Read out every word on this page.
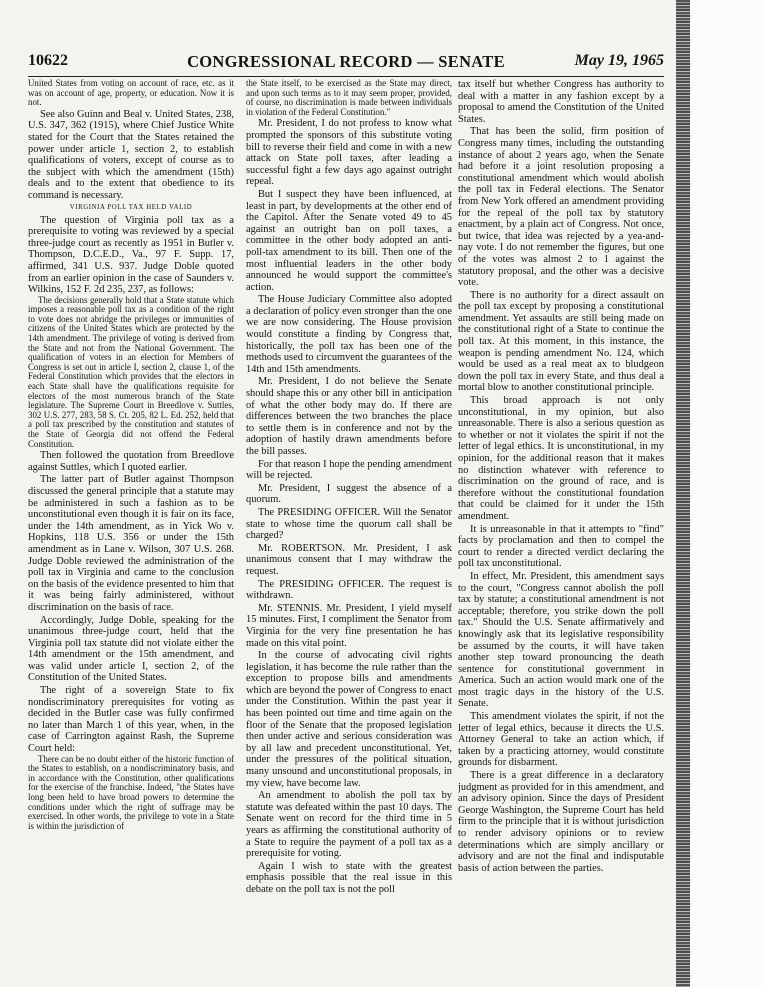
10622	CONGRESSIONAL RECORD — SENATE	May 19, 1965

United States from voting on account of race, etc. as it was on account of age, property, or education. Now it is not.

See also Guinn and Beal v. United States, 238, U.S. 347, 362 (1915), where Chief Justice White stated for the Court that the States retained the power under article 1, section 2, to establish qualifications of voters, except of course as to the subject with which the amendment (15th) deals and to the extent that obedience to its command is necessary.

VIRGINIA POLL TAX HELD VALID

The question of Virginia poll tax as a prerequisite to voting was reviewed by a special three-judge court as recently as 1951 in Butler v. Thompson, D.C.E.D., Va., 97 F. Supp. 17, affirmed, 341 U.S. 937. Judge Doble quoted from an earlier opinion in the case of Saunders v. Wilkins, 152 F. 2d 235, 237, as follows:

The decisions generally hold that a State statute which imposes a reasonable poll tax as a condition of the right to vote does not abridge the privileges or immunities of citizens of the United States which are protected by the 14th amendment. The privilege of voting is derived from the State and not from the National Government. The qualification of voters in an election for Members of Congress is set out in article I, section 2, clause 1, of the Federal Constitution which provides that the electors in each State shall have the qualifications requisite for electors of the most numerous branch of the State legislature. The Supreme Court in Breedlove v. Suttles, 302 U.S. 277, 283, 58 S. Ct. 205, 82 L. Ed. 252, held that a poll tax prescribed by the constitution and statutes of the State of Georgia did not offend the Federal Constitution.

Then followed the quotation from Breedlove against Suttles, which I quoted earlier.

The latter part of Butler against Thompson discussed the general principle that a statute may be administered in such a fashion as to be unconstitutional even though it is fair on its face, under the 14th amendment, as in Yick Wo v. Hopkins, 118 U.S. 356 or under the 15th amendment as in Lane v. Wilson, 307 U.S. 268. Judge Doble reviewed the administration of the poll tax in Virginia and came to the conclusion on the basis of the evidence presented to him that it was being fairly administered, without discrimination on the basis of race.

Accordingly, Judge Doble, speaking for the unanimous three-judge court, held that the Virginia poll tax statute did not violate either the 14th amendment or the 15th amendment, and was valid under article I, section 2, of the Constitution of the United States.

The right of a sovereign State to fix nondiscriminatory prerequisites for voting as decided in the Butler case was fully confirmed no later than March 1 of this year, when, in the case of Carrington against Rash, the Supreme Court held:

There can be no doubt either of the historic function of the States to establish, on a nondiscriminatory basis, and in accordance with the Constitution, other qualifications for the exercise of the franchise. Indeed, "the States have long been held to have broad powers to determine the conditions under which the right of suffrage may be exercised. In other words, the privilege to vote in a State is within the jurisdiction of

the State itself, to be exercised as the State may direct, and upon such terms as to it may seem proper, provided, of course, no discrimination is made between individuals in violation of the Federal Constitution."

Mr. President, I do not profess to know what prompted the sponsors of this substitute voting bill to reverse their field and come in with a new attack on State poll taxes, after leading a successful fight a few days ago against outright repeal.

But I suspect they have been influenced, at least in part, by developments at the other end of the Capitol. After the Senate voted 49 to 45 against an outright ban on poll taxes, a committee in the other body adopted an anti-poll-tax amendment to its bill. Then one of the most influential leaders in the other body announced he would support the committee's action.

The House Judiciary Committee also adopted a declaration of policy even stronger than the one we are now considering. The House provision would constitute a finding by Congress that, historically, the poll tax has been one of the methods used to circumvent the guarantees of the 14th and 15th amendments.

Mr. President, I do not believe the Senate should shape this or any other bill in anticipation of what the other body may do. If there are differences between the two branches the place to settle them is in conference and not by the adoption of hastily drawn amendments before the bill passes.

For that reason I hope the pending amendment will be rejected.

Mr. President, I suggest the absence of a quorum.

The PRESIDING OFFICER. Will the Senator state to whose time the quorum call shall be charged?

Mr. ROBERTSON. Mr. President, I ask unanimous consent that I may withdraw the request.

The PRESIDING OFFICER. The request is withdrawn.

Mr. STENNIS. Mr. President, I yield myself 15 minutes. First, I compliment the Senator from Virginia for the very fine presentation he has made on this vital point.

In the course of advocating civil rights legislation, it has become the rule rather than the exception to propose bills and amendments which are beyond the power of Congress to enact under the Constitution. Within the past year it has been pointed out time and time again on the floor of the Senate that the proposed legislation then under active and serious consideration was by all law and precedent unconstitutional. Yet, under the pressures of the political situation, many unsound and unconstitutional proposals, in my view, have become law.

An amendment to abolish the poll tax by statute was defeated within the past 10 days. The Senate went on record for the third time in 5 years as affirming the constitutional authority of a State to require the payment of a poll tax as a prerequisite for voting.

Again I wish to state with the greatest emphasis possible that the real issue in this debate on the poll tax is not the poll

tax itself but whether Congress has authority to deal with a matter in any fashion except by a proposal to amend the Constitution of the United States.

That has been the solid, firm position of Congress many times, including the outstanding instance of about 2 years ago, when the Senate had before it a joint resolution proposing a constitutional amendment which would abolish the poll tax in Federal elections. The Senator from New York offered an amendment providing for the repeal of the poll tax by statutory enactment, by a plain act of Congress. Not once, but twice, that idea was rejected by a yea-and-nay vote. I do not remember the figures, but one of the votes was almost 2 to 1 against the statutory proposal, and the other was a decisive vote.

There is no authority for a direct assault on the poll tax except by proposing a constitutional amendment. Yet assaults are still being made on the constitutional right of a State to continue the poll tax. At this moment, in this instance, the weapon is pending amendment No. 124, which would be used as a real meat ax to bludgeon down the poll tax in every State, and thus deal a mortal blow to another constitutional principle.

This broad approach is not only unconstitutional, in my opinion, but also unreasonable. There is also a serious question as to whether or not it violates the spirit if not the letter of legal ethics. It is unconstitutional, in my opinion, for the additional reason that it makes no distinction whatever with reference to discrimination on the ground of race, and is therefore without the constitutional foundation that could be claimed for it under the 15th amendment.

It is unreasonable in that it attempts to "find" facts by proclamation and then to compel the court to render a directed verdict declaring the poll tax unconstitutional.

In effect, Mr. President, this amendment says to the court, "Congress cannot abolish the poll tax by statute; a constitutional amendment is not acceptable; therefore, you strike down the poll tax." Should the U.S. Senate affirmatively and knowingly ask that its legislative responsibility be assumed by the courts, it will have taken another step toward pronouncing the death sentence for constitutional government in America. Such an action would mark one of the most tragic days in the history of the U.S. Senate.

This amendment violates the spirit, if not the letter of legal ethics, because it directs the U.S. Attorney General to take an action which, if taken by a practicing attorney, would constitute grounds for disbarment.

There is a great difference in a declaratory judgment as provided for in this amendment, and an advisory opinion. Since the days of President George Washington, the Supreme Court has held firm to the principle that it is without jurisdiction to render advisory opinions or to review determinations which are simply ancillary or advisory and are not the final and indisputable basis of action between the parties.
